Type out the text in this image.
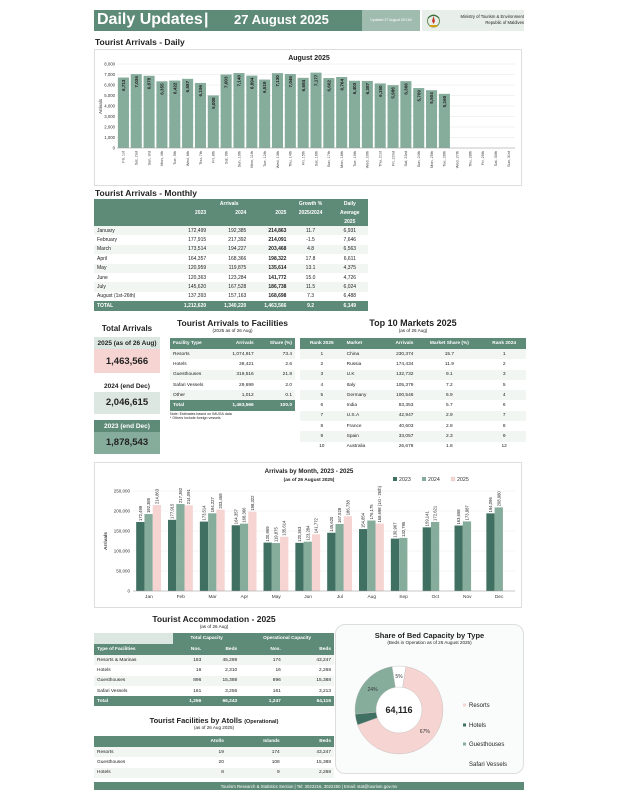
Daily Updates | 27 August 2025	Updated 27 August 05:16h
Ministry of Tourism & Environment
Republic of Maldives
Tourist Arrivals - Daily
August 2025
8,000
7,000
6,000
5,000
4,000
3,000
2,000
1,000
0
6,713
Fri, 1st
7,036
Sat, 2nd
6,878
Sun, 3rd
6,355
Mon, 4th
6,422
Tue, 5th
6,587
Wed, 6th
6,196
Thu, 7th
5,008
Fri, 8th
7,003
Sat, 9th
7,140
Sun, 10th
6,894
Mon, 11th
6,519
Tue, 12th
7,130
Wed, 13th
7,046
Thu, 14th
6,684
Fri, 15th
7,177
Sat, 16th
6,662
Sun, 17th
6,764
Mon, 18th
6,403
Tue, 19th
6,387
Wed, 20th
6,150
Thu, 21st
5,986
Fri, 22nd
6,366
Sat, 23rd
5,709
Sun, 24th
5,504
Mon, 25th
5,160
Tue, 26th Wed, 27th Thu, 28th Fri, 29th Sat, 30th Sun, 31st
Arrivals
Tourist Arrivals - Monthly
	Arrivals			Growth %	Daily
	2023	2024	2025	2025/2024	Average
					2025
January	172,499	192,385	214,863	11.7	6,931
February	177,915	217,392	214,091	-1.5	7,646
March	173,514	194,227	203,468	4.8	6,563
April	164,357	168,366	198,322	17.8	6,611
May	120,959	119,875	135,614	13.1	4,375
June	120,363	123,284	141,772	15.0	4,726
July	145,620	167,528	186,738	11.5	6,024
August (1st-26th)	137,393	157,163	168,698	7.3	6,488
TOTAL	1,212,620	1,340,220	1,463,566	9.2	6,149
Total Arrivals
2025 (as of 26 Aug)
1,463,566
2024 (end Dec)
2,046,615
2023 (end Dec)
1,878,543
Tourist Arrivals to Facilities
(2025 as of 26 Aug)
Facility Type	Arrivals	Share (%)
Resorts	1,074,917	73.4
Hotels	38,421	2.6
Guesthouses	319,516	21.8
Safari Vessels	29,699	2.0
Other	1,012	0.1
Total	1,463,566	100.0
Note: Estimates based on IMUGA data
* Others include foreign vessels
Top 10 Markets 2025
(as of 26 Aug)
Rank 2025	Market	Arrivals	Market Share (%)	Rank 2024
1	China	230,374	15.7	1
2	Russia	174,434	11.9	2
3	U.K	132,732	9.1	3
4	Italy	105,379	7.2	5
5	Germany	100,546	6.9	4
6	India	83,353	5.7	6
7	U.S.A	42,947	2.9	7
8	France	40,603	2.8	8
9	Spain	33,057	2.3	9
10	Australia	26,678	1.8	12
Arrivals by Month, 2023 - 2025
(as of 26 August 2025)	2023	2024	2025
250,000
200,000
150,000
100,000
50,000
0
Arrivals
172,499
192,385
214,863
Jan
177,915
217,392 214,091
Feb
173,514
194,227 203,468
Mar
164,357 168,366
198,322
Apr
120,959 119,875 135,614
May
120,363 123,284 141,772
Jun
145,620
167,528
186,738
Jul
154,854
176,175 168,698 (1st - 26th)
Aug
130,967 132,795
Sep
159,141 172,621
Oct
163,658 173,987
Nov
194,096 208,980
Dec
Tourist Accommodation - 2025
(as of 26 Aug)
	Total Capacity		Operational Capacity	
Type of Facilities	Nos.	Beds	Nos.	Beds
Resorts & Marinas	183	45,289	174	43,247
Hotels	16	2,310	16	2,268
Guesthouses	896	15,388	896	15,388
Safari Vessels	161	3,256	161	3,213
Total	1,256	66,243	1,247	64,116
Tourist Facilities by Atolls (Operational)
(as of 26 Aug 2025)
	Atolls	Islands	Beds
Resorts	19	174	43,247
Guesthouses	20	108	15,388
Hotels	8	9	2,268
Share of Bed Capacity by Type
(Beds in Operation as of 26 August 2025)
67%
24%
5%
64,116	Resorts
Hotels
Guesthouses
Safari Vessels
Tourism Research & Statistics Section | Tel: 3022216, 3022250 | Email: stat@tourism.gov.mv
